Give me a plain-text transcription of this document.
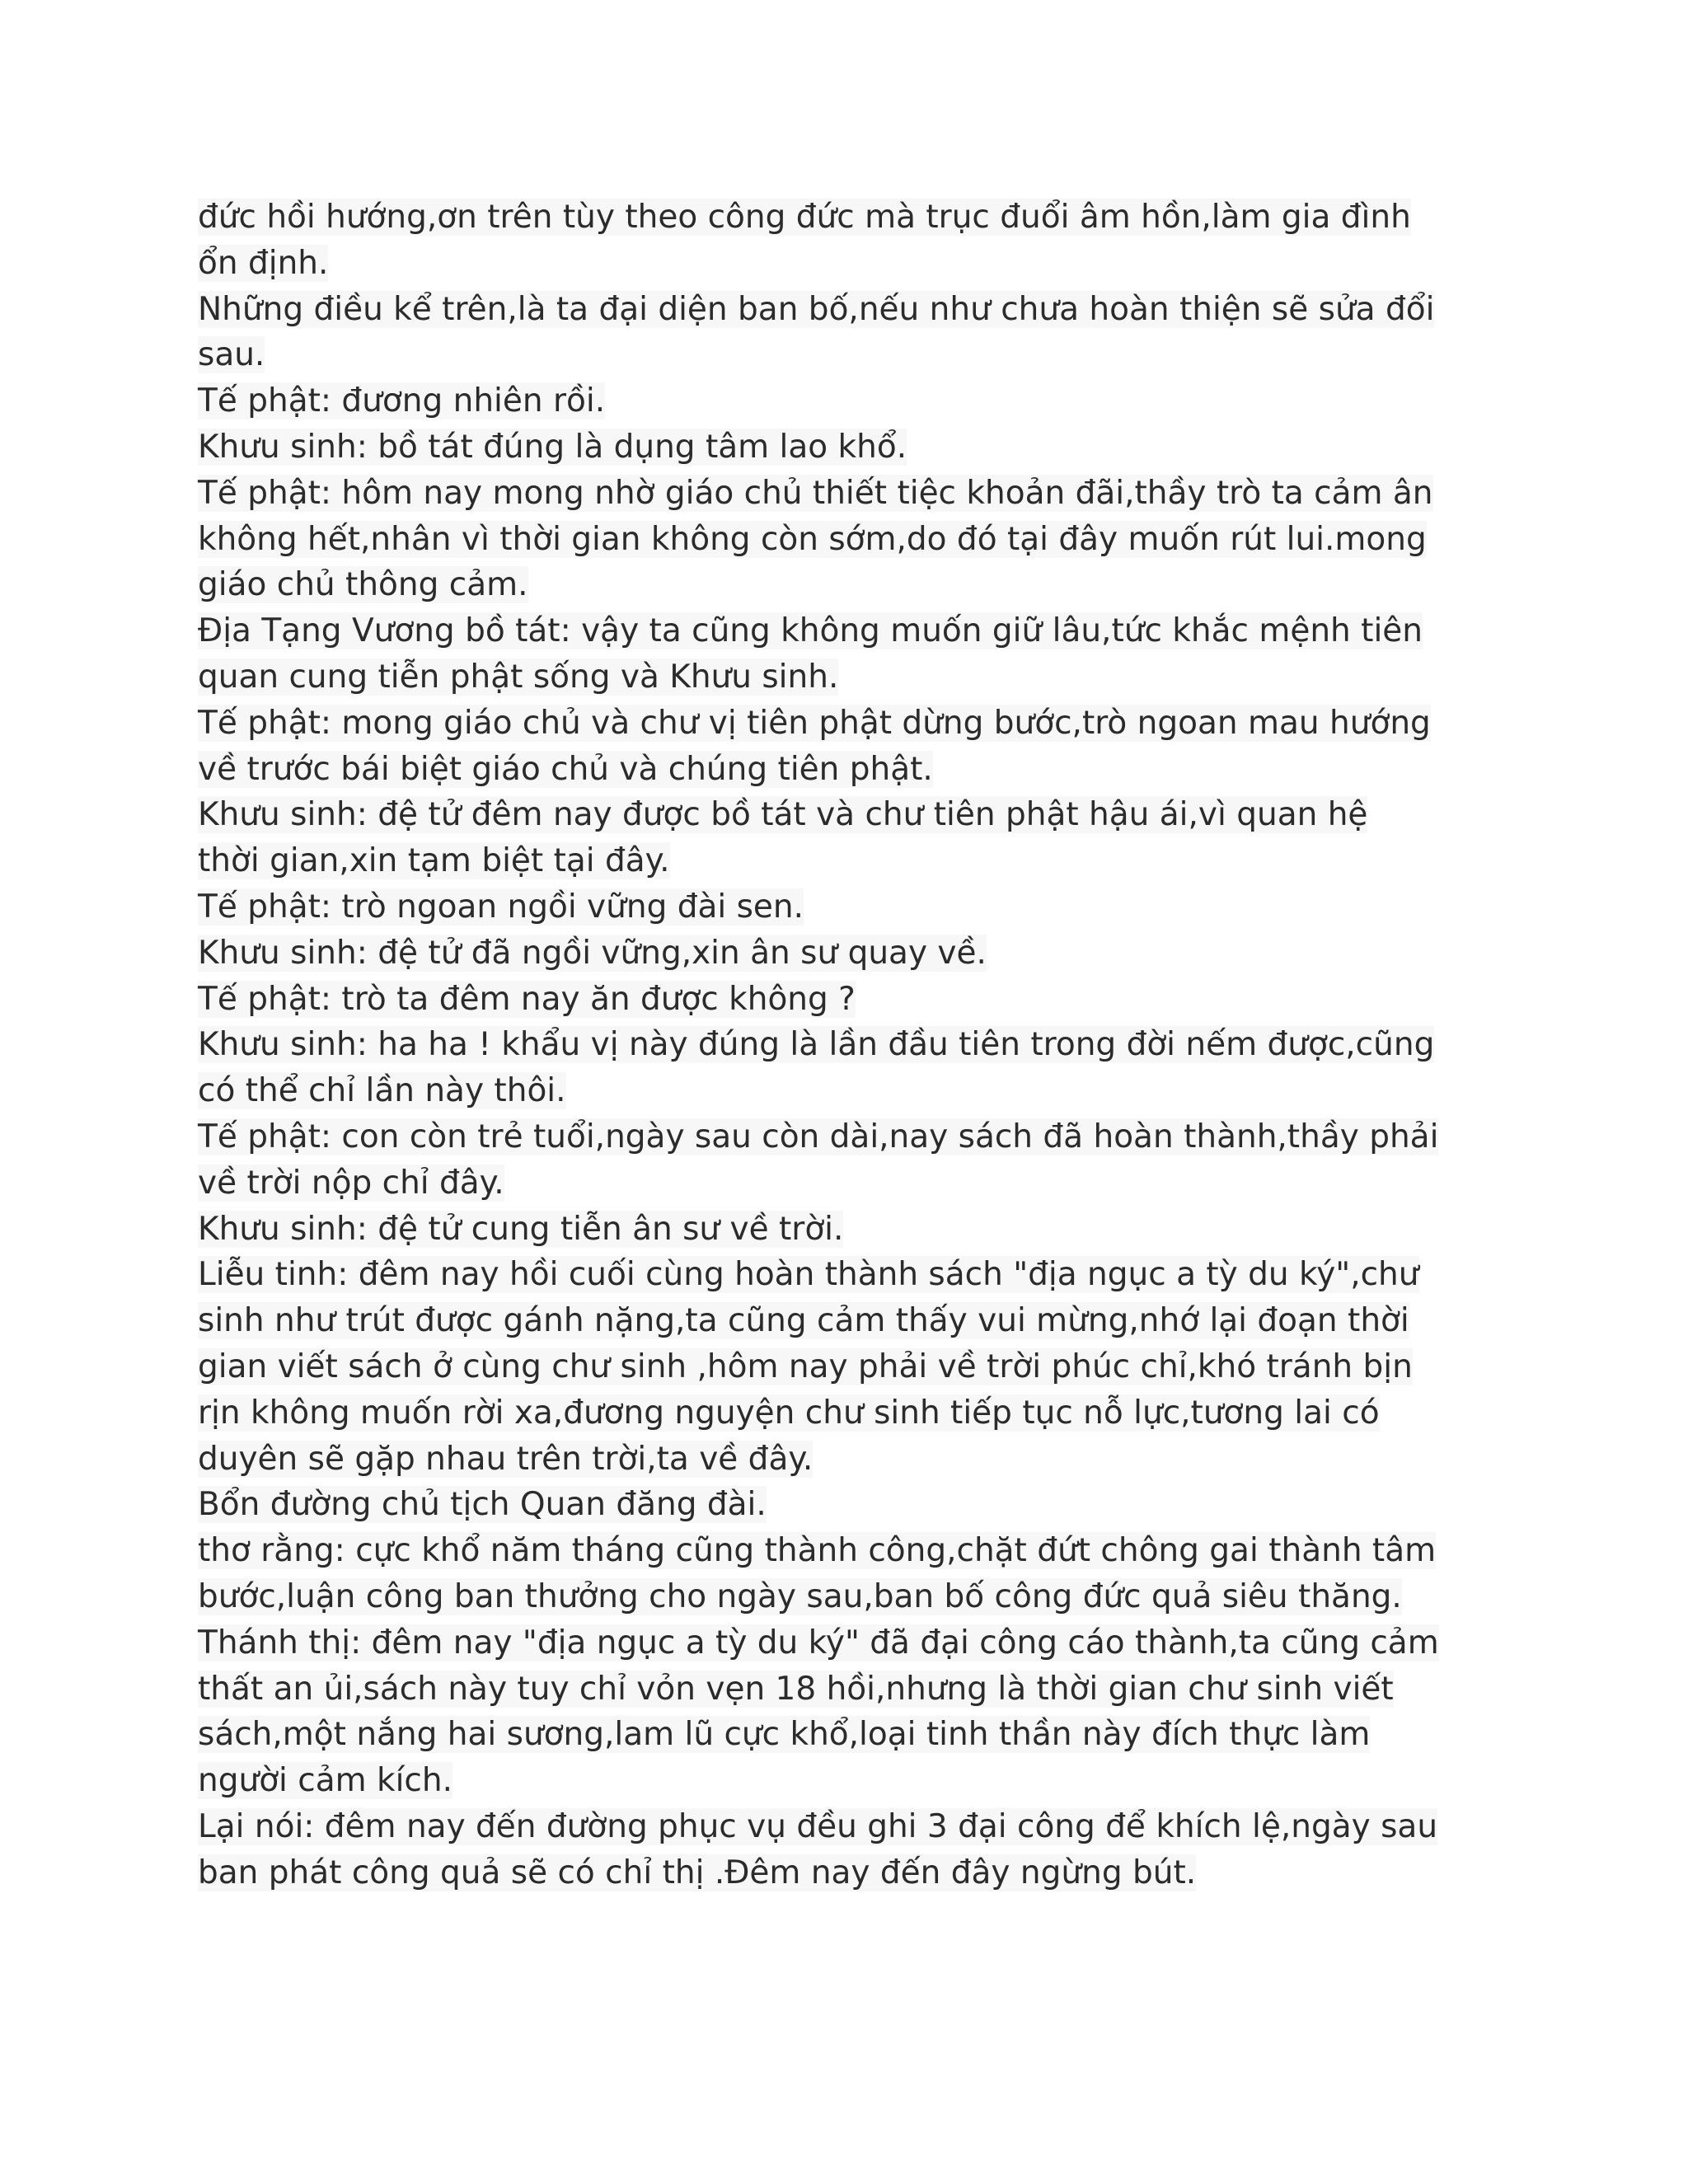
đức hồi hướng,ơn trên tùy theo công đức mà trục đuổi âm hồn,làm gia đình
ổn định.
Những điều kể trên,là ta đại diện ban bố,nếu như chưa hoàn thiện sẽ sửa đổi
sau.
Tế phật: đương nhiên rồi.
Khưu sinh: bồ tát đúng là dụng tâm lao khổ.
Tế phật: hôm nay mong nhờ giáo chủ thiết tiệc khoản đãi,thầy trò ta cảm ân
không hết,nhân vì thời gian không còn sớm,do đó tại đây muốn rút lui.mong
giáo chủ thông cảm.
Địa Tạng Vương bồ tát: vậy ta cũng không muốn giữ lâu,tức khắc mệnh tiên
quan cung tiễn phật sống và Khưu sinh.
Tế phật: mong giáo chủ và chư vị tiên phật dừng bước,trò ngoan mau hướng
về trước bái biệt giáo chủ và chúng tiên phật.
Khưu sinh: đệ tử đêm nay được bồ tát và chư tiên phật hậu ái,vì quan hệ
thời gian,xin tạm biệt tại đây.
Tế phật: trò ngoan ngồi vững đài sen.
Khưu sinh: đệ tử đã ngồi vững,xin ân sư quay về.
Tế phật: trò ta đêm nay ăn được không ?
Khưu sinh: ha ha ! khẩu vị này đúng là lần đầu tiên trong đời nếm được,cũng
có thể chỉ lần này thôi.
Tế phật: con còn trẻ tuổi,ngày sau còn dài,nay sách đã hoàn thành,thầy phải
về trời nộp chỉ đây.
Khưu sinh: đệ tử cung tiễn ân sư về trời.
Liễu tinh: đêm nay hồi cuối cùng hoàn thành sách "địa ngục a tỳ du ký",chư
sinh như trút được gánh nặng,ta cũng cảm thấy vui mừng,nhớ lại đoạn thời
gian viết sách ở cùng chư sinh ,hôm nay phải về trời phúc chỉ,khó tránh bịn
rịn không muốn rời xa,đương nguyện chư sinh tiếp tục nỗ lực,tương lai có
duyên sẽ gặp nhau trên trời,ta về đây.
Bổn đường chủ tịch Quan đăng đài.
thơ rằng: cực khổ năm tháng cũng thành công,chặt đứt chông gai thành tâm
bước,luận công ban thưởng cho ngày sau,ban bố công đức quả siêu thăng.
Thánh thị: đêm nay "địa ngục a tỳ du ký" đã đại công cáo thành,ta cũng cảm
thất an ủi,sách này tuy chỉ vỏn vẹn 18 hồi,nhưng là thời gian chư sinh viết
sách,một nắng hai sương,lam lũ cực khổ,loại tinh thần này đích thực làm
người cảm kích.
Lại nói: đêm nay đến đường phục vụ đều ghi 3 đại công để khích lệ,ngày sau
ban phát công quả sẽ có chỉ thị .Đêm nay đến đây ngừng bút.
